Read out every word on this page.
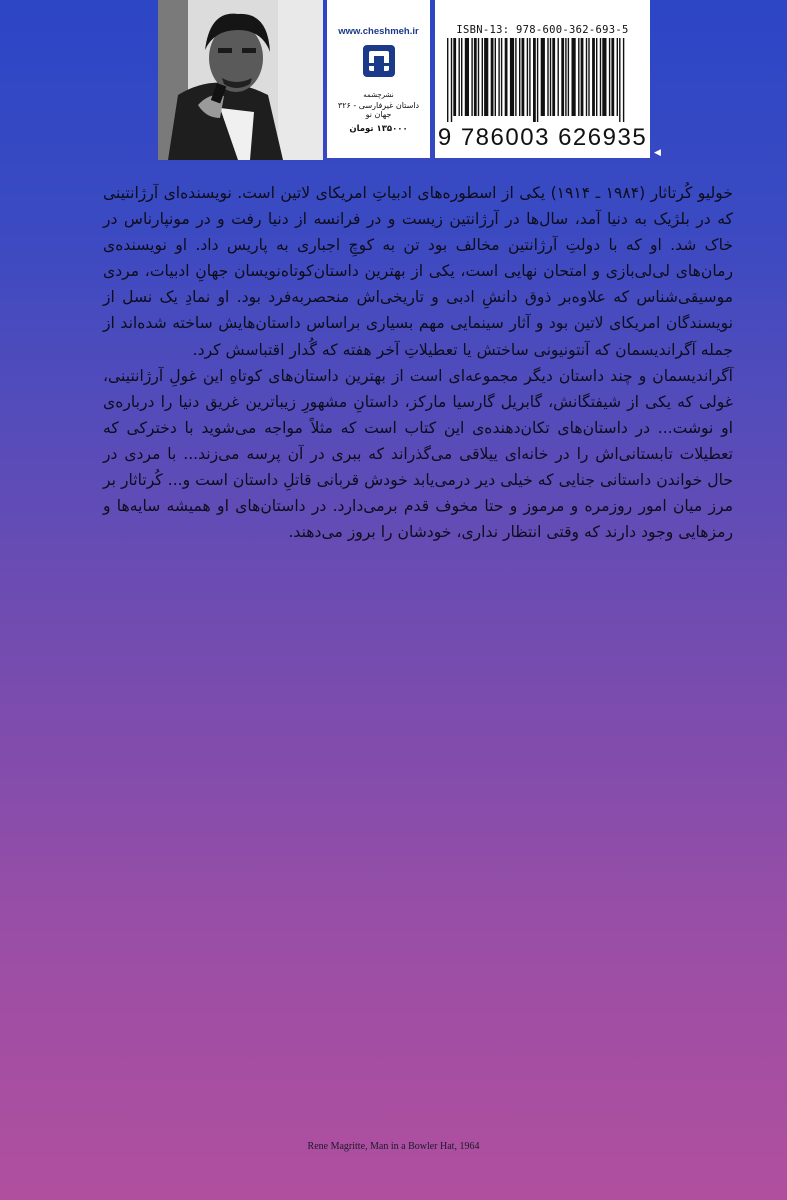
www.cheshmeh.ir
نشرچشمه
داستان غیرفارسی - ۳۲۶
جهان نو
۱۳۵۰۰۰ تومان
ISBN-13: 978-600-362-693-5
9 786003 626935
◀

خولیو کُرتاثار (۱۹۸۴ ـ ۱۹۱۴) یکی از اسطوره‌های ادبیاتِ امریکای لاتین است. نویسنده‌ای آرژانتینی که در بلژیک به دنیا آمد، سال‌ها در آرژانتین زیست و در فرانسه از دنیا رفت و در مونپارناس در خاک شد. او که با دولتِ آرژانتین مخالف بود تن به کوچِ اجباری به پاریس داد. او نویسنده‌ی رمان‌های لی‌لی‌بازی و امتحان نهایی است، یکی از بهترین داستان‌کوتاه‌نویسان جهانِ ادبیات، مردی موسیقی‌شناس که علاوه‌بر ذوق دانشِ ادبی و تاریخی‌اش منحصربه‌فرد بود. او نمادِ یک نسل از نویسندگان امریکای لاتین بود و آثار سینمایی مهم بسیاری براساس داستان‌هایش ساخته شده‌اند از جمله آگراندیسمان که آنتونیونی ساختش یا تعطیلاتِ آخر هفته که گُدار اقتباسش کرد.

آگراندیسمان و چند داستان دیگر مجموعه‌ای است از بهترین داستان‌های کوتاهِ این غولِ آرژانتینی، غولی که یکی از شیفتگانش، گابریل گارسیا مارکز، داستانِ مشهورِ زیباترین غریق دنیا را درباره‌ی او نوشت... در داستان‌های تکان‌دهنده‌ی این کتاب است که مثلاً مواجه می‌شوید با دخترکی که تعطیلات تابستانی‌اش را در خانه‌ای ییلاقی می‌گذراند که ببری در آن پرسه می‌زند... با مردی در حال خواندن داستانی جنایی که خیلی دیر درمی‌یابد خودش قربانی قاتلِ داستان است و... کُرتاثار بر مرز میان امور روزمره و مرموز و حتا مخوف قدم برمی‌دارد. در داستان‌های او همیشه سایه‌ها و رمزهایی وجود دارند که وقتی انتظار نداری، خودشان را بروز می‌دهند.

Rene Magritte, Man in a Bowler Hat, 1964
